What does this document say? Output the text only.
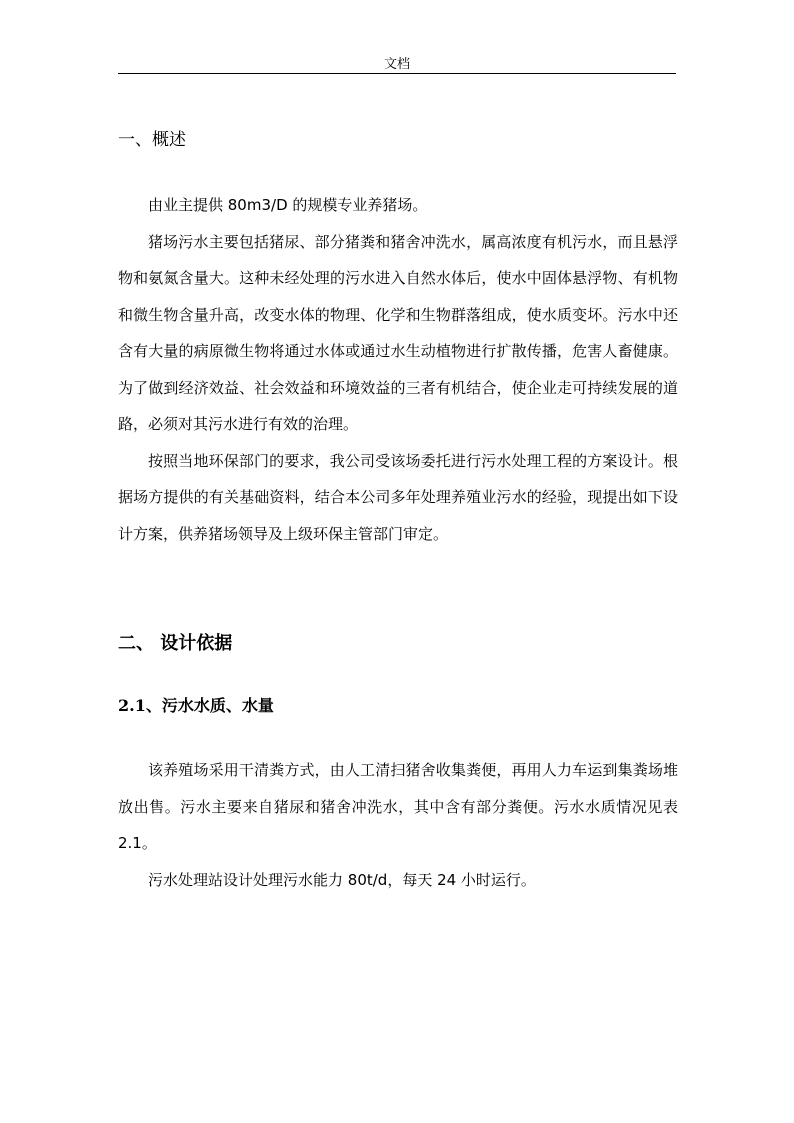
文档
一、概述

由业主提供 80m3/D 的规模专业养猪场。

猪场污水主要包括猪尿、部分猪粪和猪舍冲洗水，属高浓度有机污水，而且悬浮物和氨氮含量大。这种未经处理的污水进入自然水体后，使水中固体悬浮物、有机物和微生物含量升高，改变水体的物理、化学和生物群落组成，使水质变坏。污水中还含有大量的病原微生物将通过水体或通过水生动植物进行扩散传播，危害人畜健康。为了做到经济效益、社会效益和环境效益的三者有机结合，使企业走可持续发展的道路，必须对其污水进行有效的治理。

按照当地环保部门的要求，我公司受该场委托进行污水处理工程的方案设计。根据场方提供的有关基础资料，结合本公司多年处理养殖业污水的经验，现提出如下设计方案，供养猪场领导及上级环保主管部门审定。

二、 设计依据
2.1、污水水质、水量

该养殖场采用干清粪方式，由人工清扫猪舍收集粪便，再用人力车运到集粪场堆放出售。污水主要来自猪尿和猪舍冲洗水，其中含有部分粪便。污水水质情况见表 2.1。

污水处理站设计处理污水能力 80t/d，每天 24 小时运行。
